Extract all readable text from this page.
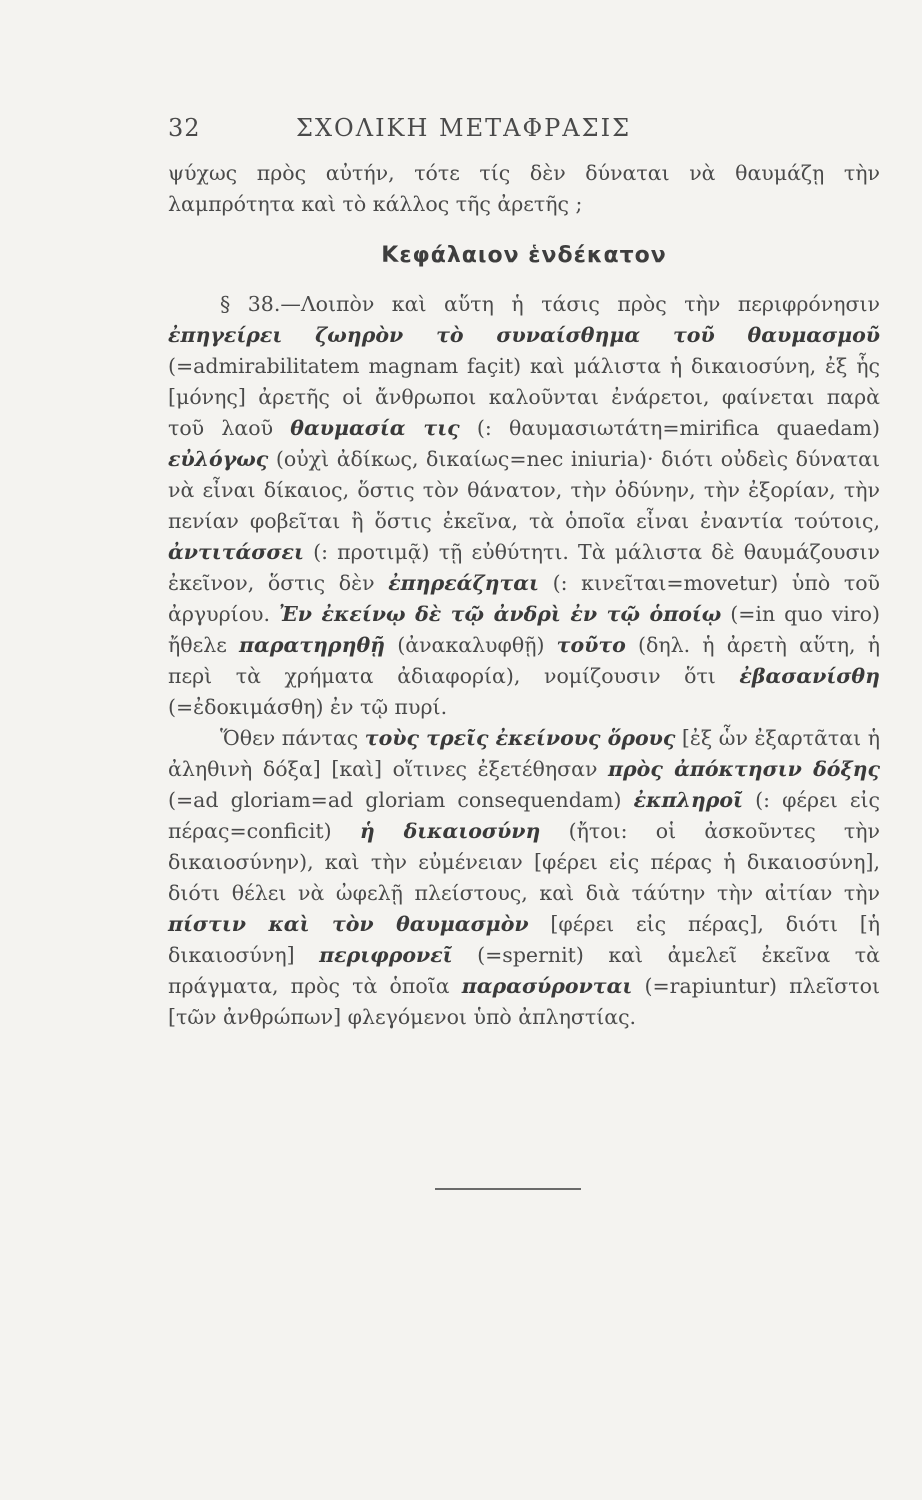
32	ΣΧΟΛΙΚΗ ΜΕΤΑΦΡΑΣΙΣ

ψύχως πρὸς αὐτήν, τότε τίς δὲν δύναται νὰ θαυμάζῃ τὴν λαμπρότητα καὶ τὸ κάλλος τῆς ἀρετῆς ;

Κεφάλαιον ἑνδέκατον

§ 38.—Λοιπὸν καὶ αὕτη ἡ τάσις πρὸς τὴν περιφρόνησιν ἐπηγείρει ζωηρὸν τὸ συναίσθημα τοῦ θαυμασμοῦ (=admirabilitatem magnam façit) καὶ μάλιστα ἡ δικαιοσύνη, ἐξ ἧς [μόνης] ἀρετῆς οἱ ἄνθρωποι καλοῦνται ἐνάρετοι, φαίνεται παρὰ τοῦ λαοῦ θαυμασία τις (: θαυμασιωτάτη=mirifica quaedam) εὐλόγως (οὐχὶ ἀδίκως, δικαίως=nec iniuria)· διότι οὐδεὶς δύναται νὰ εἶναι δίκαιος, ὅστις τὸν θάνατον, τὴν ὀδύνην, τὴν ἐξορίαν, τὴν πενίαν φοβεῖται ἢ ὅστις ἐκεῖνα, τὰ ὁποῖα εἶναι ἐναντία τούτοις, ἀντιτάσσει (: προτιμᾷ) τῇ εὐθύτητι. Τὰ μάλιστα δὲ θαυμάζουσιν ἐκεῖνον, ὅστις δὲν ἐπηρεάζηται (: κινεῖται=movetur) ὑπὸ τοῦ ἀργυρίου. Ἐν ἐκείνῳ δὲ τῷ ἀνδρὶ ἐν τῷ ὁποίῳ (=in quo viro) ἤθελε παρατηρηθῇ (ἀνακαλυφθῇ) τοῦτο (δηλ. ἡ ἀρετὴ αὕτη, ἡ περὶ τὰ χρήματα ἀδιαφορία), νομίζουσιν ὅτι ἐβασανίσθη (=ἐδοκιμάσθη) ἐν τῷ πυρί.

Ὅθεν πάντας τοὺς τρεῖς ἐκείνους ὅρους [ἐξ ὧν ἐξαρτᾶται ἡ ἀληθινὴ δόξα] [καὶ] οἵτινες ἐξετέθησαν πρὸς ἀπόκτησιν δόξης (=ad gloriam=ad gloriam consequendam) ἐκπληροῖ (: φέρει εἰς πέρας=conficit) ἡ δικαιοσύνη (ἤτοι: οἱ ἀσκοῦντες τὴν δικαιοσύνην), καὶ τὴν εὐμένειαν [φέρει εἰς πέρας ἡ δικαιοσύνη], διότι θέλει νὰ ὠφελῇ πλείστους, καὶ διὰ τάύτην τὴν αἰτίαν τὴν πίστιν καὶ τὸν θαυμασμὸν [φέρει εἰς πέρας], διότι [ἡ δικαιοσύνη] περιφρονεῖ (=spernit) καὶ ἀμελεῖ ἐκεῖνα τὰ πράγματα, πρὸς τὰ ὁποῖα παρασύρονται (=rapiuntur) πλεῖστοι [τῶν ἀνθρώπων] φλεγόμενοι ὑπὸ ἀπληστίας.
